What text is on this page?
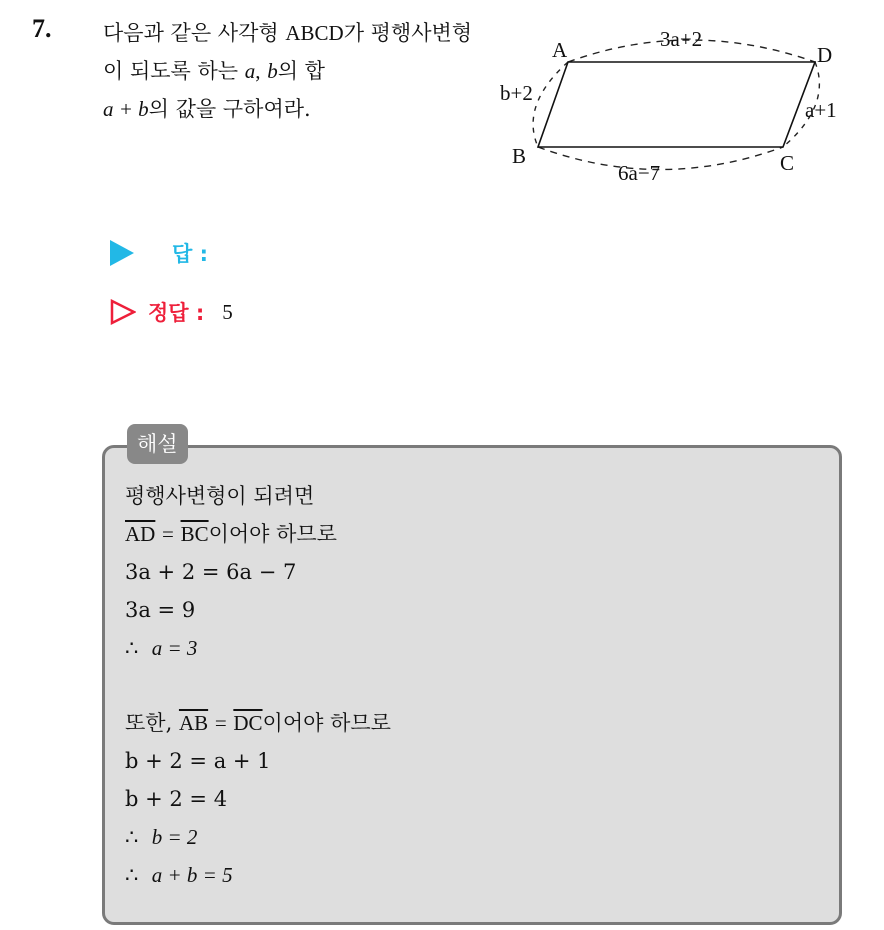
7. 다음과 같은 사각형 ABCD가 평행사변형이 되도록 하는 a, b의 합
a + b의 값을 구하여라.
A	D
B	C
3a+2
6a−7
b+2
a+1
답 :
정답 : 5
해설
평행사변형이 되려면
$\overline{AD} = \overline{BC}$이어야 하므로
3a + 2 = 6a − 7
3a = 9
∴ a = 3
또한, $\overline{AB} = \overline{DC}$이어야 하므로
b + 2 = a + 1
b + 2 = 4
∴ b = 2
∴ a + b = 5
